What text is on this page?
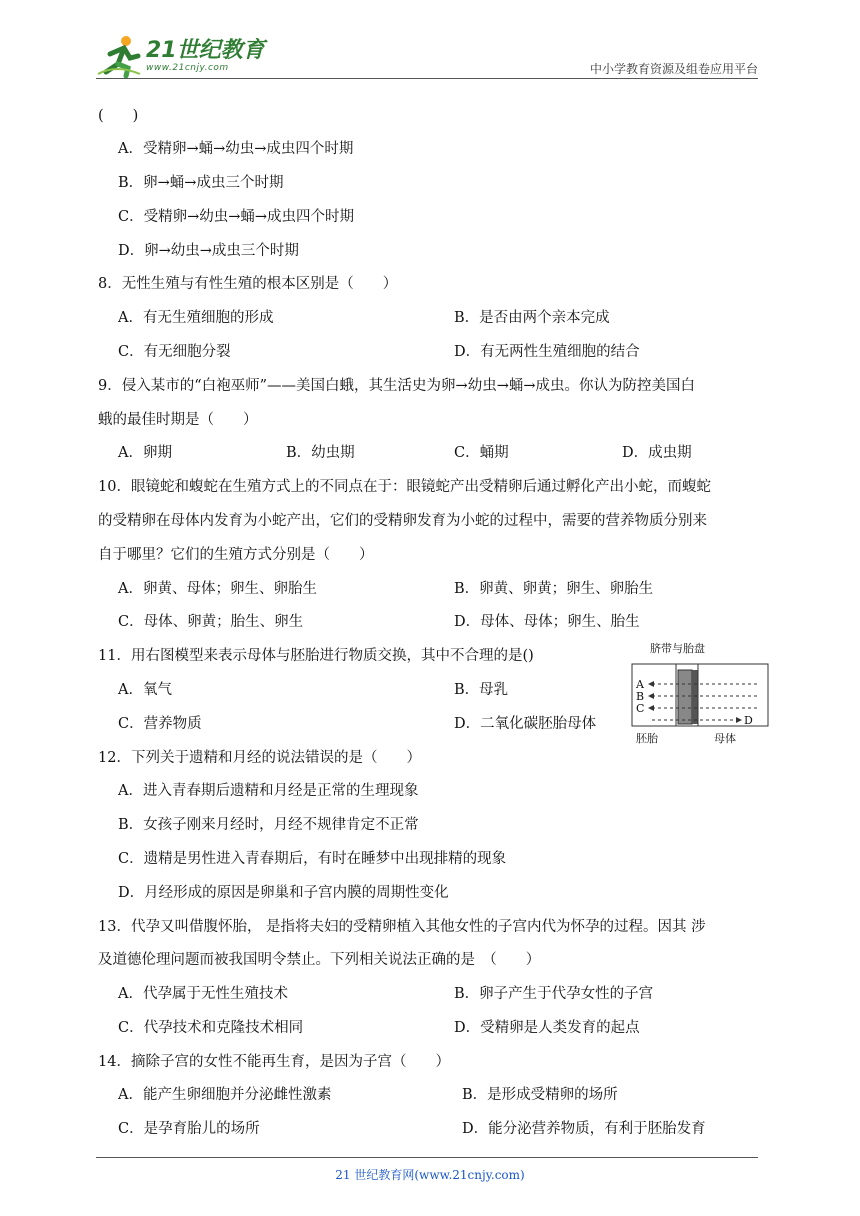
21世纪教育
www.21cnjy.com	中小学教育资源及组卷应用平台
(　　)
A．受精卵→蛹→幼虫→成虫四个时期
B．卵→蛹→成虫三个时期
C．受精卵→幼虫→蛹→成虫四个时期
D．卵→幼虫→成虫三个时期
8．无性生殖与有性生殖的根本区别是（　　）
A．有无生殖细胞的形成	B．是否由两个亲本完成
C．有无细胞分裂	D．有无两性生殖细胞的结合
9．侵入某市的“白袍巫师”——美国白蛾，其生活史为卵→幼虫→蛹→成虫。你认为防控美国白
蛾的最佳时期是（　　）
A．卵期	B．幼虫期	C．蛹期	D．成虫期
10．眼镜蛇和蝮蛇在生殖方式上的不同点在于：眼镜蛇产出受精卵后通过孵化产出小蛇，而蝮蛇
的受精卵在母体内发育为小蛇产出，它们的受精卵发育为小蛇的过程中，需要的营养物质分别来
自于哪里？它们的生殖方式分别是（　　）
A．卵黄、母体；卵生、卵胎生	B．卵黄、卵黄；卵生、卵胎生
C．母体、卵黄；胎生、卵生	D．母体、母体；卵生、胎生
11．用右图模型来表示母体与胚胎进行物质交换，其中不合理的是()
A．氧气	B．母乳
C．营养物质	D．二氧化碳胚胎母体
12．下列关于遗精和月经的说法错误的是（　　）
A．进入青春期后遗精和月经是正常的生理现象
B．女孩子刚来月经时，月经不规律肯定不正常
C．遗精是男性进入青春期后，有时在睡梦中出现排精的现象
D．月经形成的原因是卵巢和子宫内膜的周期性变化
13．代孕又叫借腹怀胎， 是指将夫妇的受精卵植入其他女性的子宫内代为怀孕的过程。因其 涉
及道德伦理问题而被我国明令禁止。下列相关说法正确的是　（　　）
A．代孕属于无性生殖技术	B．卵子产生于代孕女性的子宫
C．代孕技术和克隆技术相同	D．受精卵是人类发育的起点
14．摘除子宫的女性不能再生育，是因为子宫（　　）
A．能产生卵细胞并分泌雌性激素	B．是形成受精卵的场所
C．是孕育胎儿的场所	D．能分泌营养物质，有利于胚胎发育
脐带与胎盘
A
B
C
D
胚胎	母体
21 世纪教育网(www.21cnjy.com)
